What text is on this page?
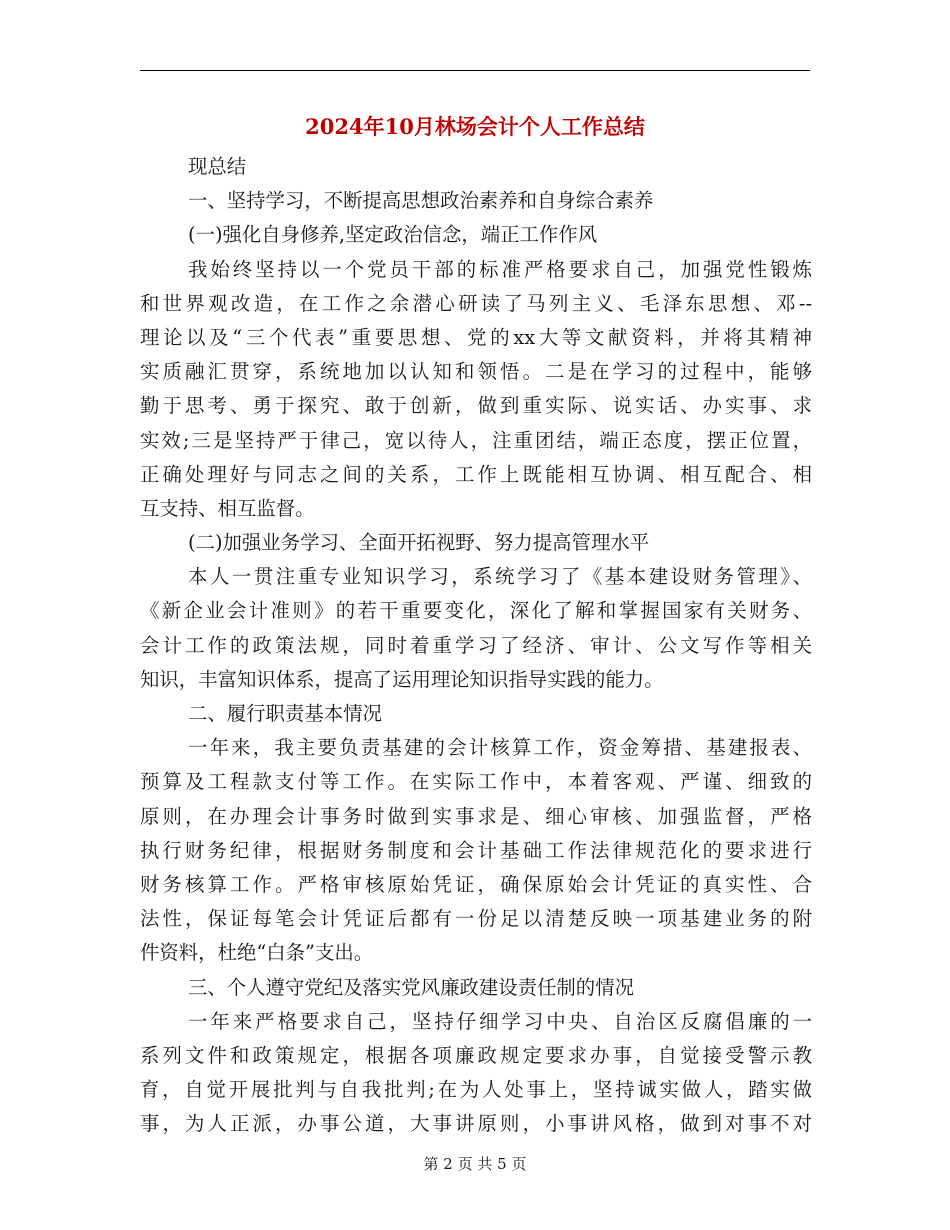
2024年10月林场会计个人工作总结
现总结
一、坚持学习，不断提高思想政治素养和自身综合素养
(一)强化自身修养,坚定政治信念，端正工作作风
我始终坚持以一个党员干部的标准严格要求自己，加强党性锻炼
和世界观改造，在工作之余潜心研读了马列主义、毛泽东思想、邓--
理论以及“三个代表”重要思想、党的xx大等文献资料，并将其精神
实质融汇贯穿，系统地加以认知和领悟。二是在学习的过程中，能够
勤于思考、勇于探究、敢于创新，做到重实际、说实话、办实事、求
实效;三是坚持严于律己，宽以待人，注重团结，端正态度，摆正位置，
正确处理好与同志之间的关系，工作上既能相互协调、相互配合、相
互支持、相互监督。
(二)加强业务学习、全面开拓视野、努力提高管理水平
本人一贯注重专业知识学习，系统学习了《基本建设财务管理》、
《新企业会计准则》的若干重要变化，深化了解和掌握国家有关财务、
会计工作的政策法规，同时着重学习了经济、审计、公文写作等相关
知识，丰富知识体系，提高了运用理论知识指导实践的能力。
二、履行职责基本情况
一年来，我主要负责基建的会计核算工作，资金筹措、基建报表、
预算及工程款支付等工作。在实际工作中，本着客观、严谨、细致的
原则，在办理会计事务时做到实事求是、细心审核、加强监督，严格
执行财务纪律，根据财务制度和会计基础工作法律规范化的要求进行
财务核算工作。严格审核原始凭证，确保原始会计凭证的真实性、合
法性，保证每笔会计凭证后都有一份足以清楚反映一项基建业务的附
件资料，杜绝“白条”支出。
三、个人遵守党纪及落实党风廉政建设责任制的情况
一年来严格要求自己，坚持仔细学习中央、自治区反腐倡廉的一
系列文件和政策规定，根据各项廉政规定要求办事，自觉接受警示教
育，自觉开展批判与自我批判;在为人处事上，坚持诚实做人，踏实做
事，为人正派，办事公道，大事讲原则，小事讲风格，做到对事不对
第 2 页 共 5 页
